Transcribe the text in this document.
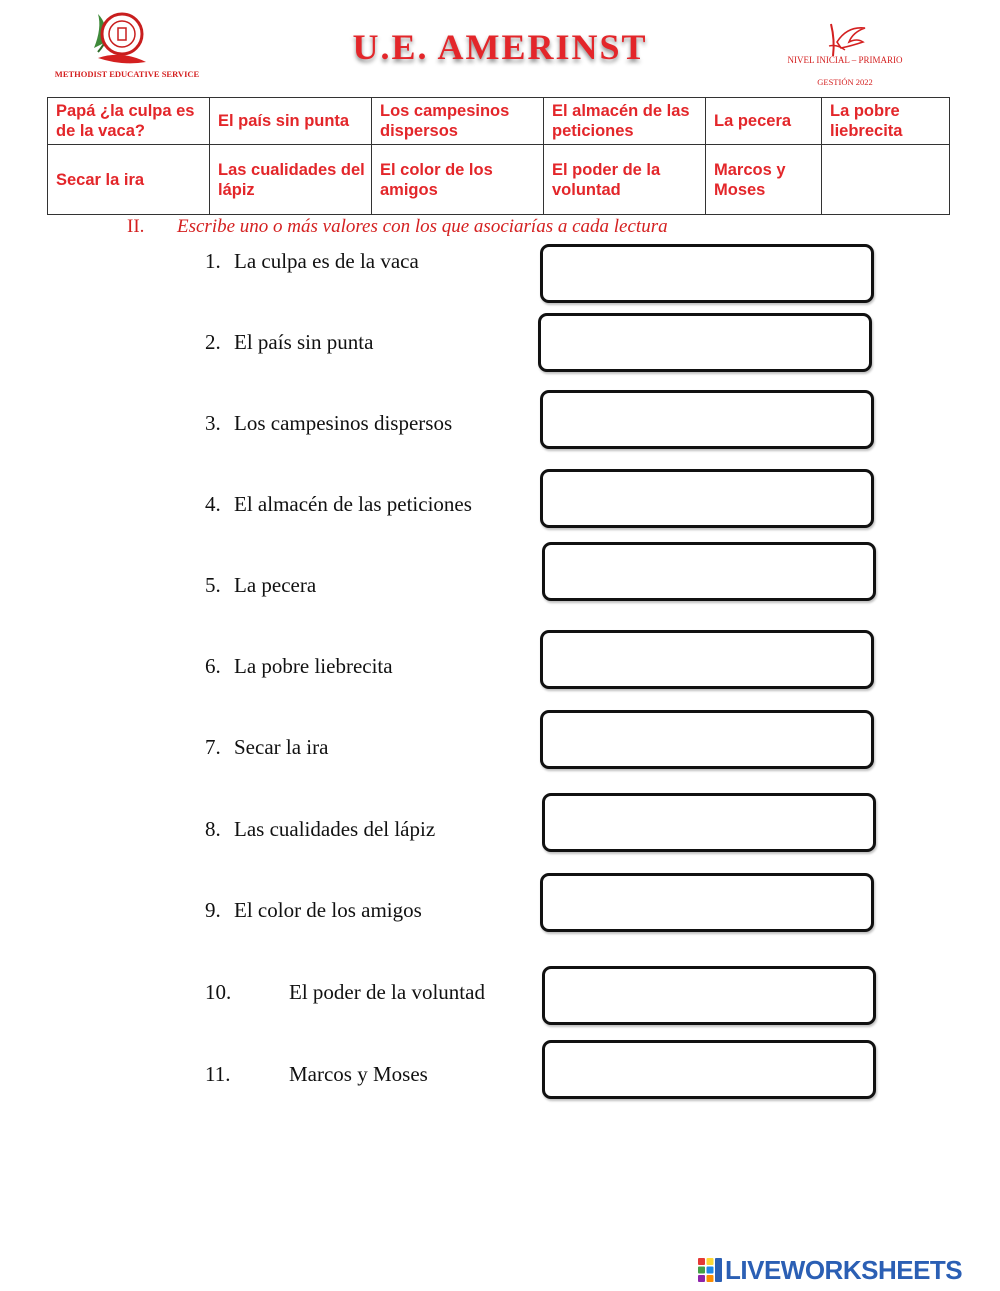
METHODIST EDUCATIVE SERVICE
U.E. AMERINST	NIVEL INICIAL – PRIMARIO
GESTIÓN 2022
Papá ¿la culpa es de la vaca?	El país sin punta	Los campesinos dispersos	El almacén de las peticiones	La pecera	La pobre liebrecita
Secar la ira	Las cualidades del lápiz	El color de los amigos	El poder de la voluntad	Marcos y Moses	
II. Escribe uno o más valores con los que asociarías a cada lectura
1. La culpa es de la vaca
2. El país sin punta
3. Los campesinos dispersos
4. El almacén de las peticiones
5. La pecera
6. La pobre liebrecita
7. Secar la ira
8. Las cualidades del lápiz
9. El color de los amigos
10.	El poder de la voluntad
11.	Marcos y Moses
LIVEWORKSHEETS
